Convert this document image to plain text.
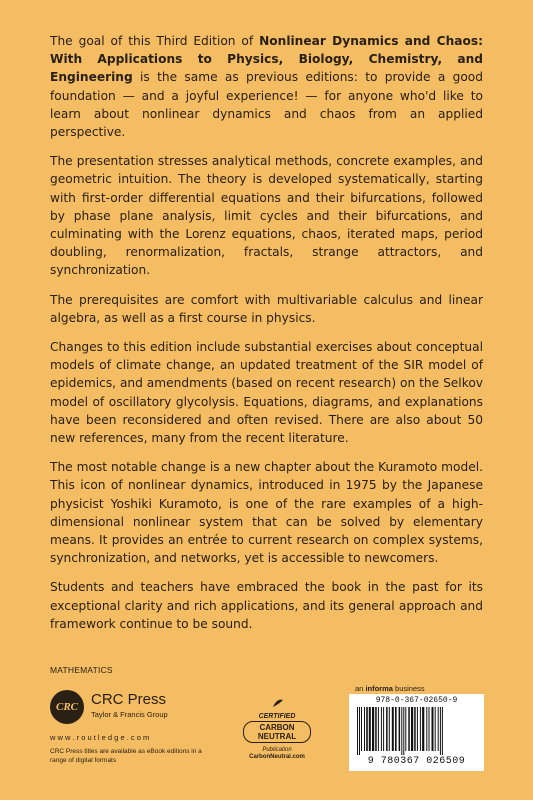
The goal of this Third Edition of Nonlinear Dynamics and Chaos: With Applications to Physics, Biology, Chemistry, and Engineering is the same as previous editions: to provide a good foundation — and a joyful experience! — for anyone who'd like to learn about nonlinear dynamics and chaos from an applied perspective.

The presentation stresses analytical methods, concrete examples, and geometric intuition. The theory is developed systematically, starting with first-order differential equations and their bifurcations, followed by phase plane analysis, limit cycles and their bifurcations, and culminating with the Lorenz equations, chaos, iterated maps, period doubling, renormalization, fractals, strange attractors, and synchronization.

The prerequisites are comfort with multivariable calculus and linear algebra, as well as a first course in physics.

Changes to this edition include substantial exercises about conceptual models of climate change, an updated treatment of the SIR model of epidemics, and amendments (based on recent research) on the Selkov model of oscillatory glycolysis. Equations, diagrams, and explanations have been reconsidered and often revised. There are also about 50 new references, many from the recent literature.

The most notable change is a new chapter about the Kuramoto model. This icon of nonlinear dynamics, introduced in 1975 by the Japanese physicist Yoshiki Kuramoto, is one of the rare examples of a high-dimensional nonlinear system that can be solved by elementary means. It provides an entrée to current research on complex systems, synchronization, and networks, yet is accessible to newcomers.

Students and teachers have embraced the book in the past for its exceptional clarity and rich applications, and its general approach and framework continue to be sound.

MATHEMATICS
CRC CRC Press
Taylor & Francis Group
w w w . r o u t l e d g e . c o m
CRC Press titles are available as eBook editions in a range of digital formats
CERTIFIED
CARBON NEUTRAL
Publication
CarbonNeutral.com
an informa business
978-0-367-02650-9
9 780367 026509
